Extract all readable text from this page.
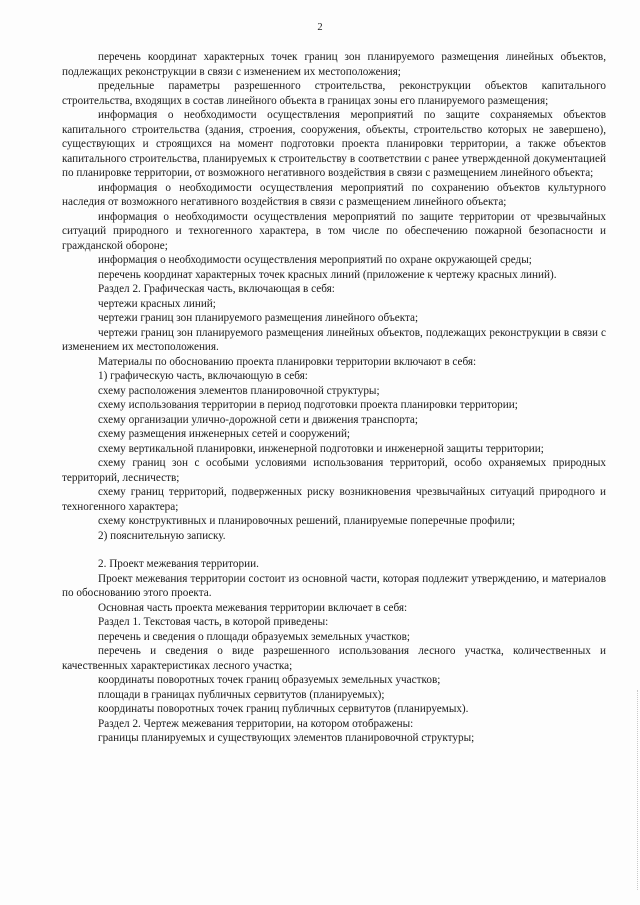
2

перечень координат характерных точек границ зон планируемого размещения линейных объектов, подлежащих реконструкции в связи с изменением их местоположения;

предельные параметры разрешенного строительства, реконструкции объектов капитального строительства, входящих в состав линейного объекта в границах зоны его планируемого размещения;

информация о необходимости осуществления мероприятий по защите сохраняемых объектов капитального строительства (здания, строения, сооружения, объекты, строительство которых не завершено), существующих и строящихся на момент подготовки проекта планировки территории, а также объектов капитального строительства, планируемых к строительству в соответствии с ранее утвержденной документацией по планировке территории, от возможного негативного воздействия в связи с размещением линейного объекта;

информация о необходимости осуществления мероприятий по сохранению объектов культурного наследия от возможного негативного воздействия в связи с размещением линейного объекта;

информация о необходимости осуществления мероприятий по защите территории от чрезвычайных ситуаций природного и техногенного характера, в том числе по обеспечению пожарной безопасности и гражданской обороне;

информация о необходимости осуществления мероприятий по охране окружающей среды;

перечень координат характерных точек красных линий (приложение к чертежу красных линий).

Раздел 2. Графическая часть, включающая в себя:

чертежи красных линий;

чертежи границ зон планируемого размещения линейного объекта;

чертежи границ зон планируемого размещения линейных объектов, подлежащих реконструкции в связи с изменением их местоположения.

Материалы по обоснованию проекта планировки территории включают в себя:

1) графическую часть, включающую в себя:

схему расположения элементов планировочной структуры;

схему использования территории в период подготовки проекта планировки территории;

схему организации улично-дорожной сети и движения транспорта;

схему размещения инженерных сетей и сооружений;

схему вертикальной планировки, инженерной подготовки и инженерной защиты территории;

схему границ зон с особыми условиями использования территорий, особо охраняемых природных территорий, лесничеств;

схему границ территорий, подверженных риску возникновения чрезвычайных ситуаций природного и техногенного характера;

схему конструктивных и планировочных решений, планируемые поперечные профили;

2) пояснительную записку.

2. Проект межевания территории.

Проект межевания территории состоит из основной части, которая подлежит утверждению, и материалов по обоснованию этого проекта.

Основная часть проекта межевания территории включает в себя:

Раздел 1. Текстовая часть, в которой приведены:

перечень и сведения о площади образуемых земельных участков;

перечень и сведения о виде разрешенного использования лесного участка, количественных и качественных характеристиках лесного участка;

координаты поворотных точек границ образуемых земельных участков;

площади в границах публичных сервитутов (планируемых);

координаты поворотных точек границ публичных сервитутов (планируемых).

Раздел 2. Чертеж межевания территории, на котором отображены:

границы планируемых и существующих элементов планировочной структуры;
